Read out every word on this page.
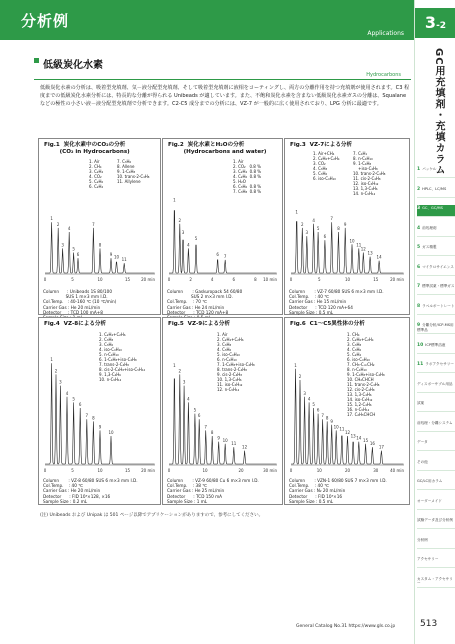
分析例
Applications
3-2
GC用充填剤・充填カラム
1 パッケル
2 HPLC、LC/MS
3 GC、GC/MS
4 前処理剤
5 ガス精製
6 マイクロサイエンス
7 標準試薬・標準ガス
8 ラベルポートレート
9 分離分析/ICP-MS用標準品
10 ICP標準溶液
11 ラボアクセサリー
ディスポーサブル用品
試薬
前処理・分離システム
データ
その他
GC/LC用カラム
オーダーメイド
試験データ及び分析例
分析例
アクセサリー
カスタム・アクセサリー
低級炭化水素
Hydrocarbons
低級炭化水素の分析は、吸着型充填剤、気－液分配型充填剤、そして吸着型充填剤に液相をコーティングし、両方の分離作用を持つ充填剤が使用されます。C3 程度までの低級炭化水素分析には、特長的な分離が得られる Unibeads が適しています。また、不飽和炭化水素を含まない低級炭化水素ガスの分離は、Squalane などの極性の小さい液－液分配型充填剤で分析できます。C2-C5 成分までの分析には、VZ-7 が一般的に広く使用されており、LPG 分析に最適です。
Fig.1  炭化水素中のCO₂の分析
(CO₂ in Hydrocarbons)
1. Air
2. CH₄
3. C₂H₄
4. CO₂
5. C₂H₆
6. C₂H₂
7. C₃H₆
8. Allene
9. 1-C₄H₈
10. trans-2-C₄H₈
11. Allylene
1
2
3
4
5
6
7
8
9 10 11
0	5	10	15	20 min
Column      : Unibeads 1S 80/100
SUS 1 m×3 mm I.D.
Col.Temp.   : 40-160 ℃ (10 ℃/min)
Carrier Gas : He 20 mL/min
Detector     : TCD 100 mA+8

Fig.2  炭化水素とH₂Oの分析
(Hydrocarbons and water)
1. Air
2. CO₂   0.8 %
3. C₂H₄  0.8 %
4. C₂H₆  0.8 %
5. H₂O
6. C₃H₆  0.8 %
7. C₃H₈  0.8 %
1
2
3
4
5
6 7
0	2	4	6	8 10 min
Column       : Gaskuropack 54 60/80
SUS 2 m×3 mm I.D.
Col.Temp.    : 70 ℃
Carrier Gas : He 24 mL/min
Detector      : TCD 120 mA+8

Fig.3  VZ-7による分析
1. Air+CH₄
2. C₂H₆+C₂H₄
3. CO₂
4. C₃H₈
5. C₃H₆
6. iso-C₄H₁₀
7. C₄H₁
8. n-C₄H₁₀
9. 1-C₄H₈
+iso-C₄H₈
10. trans-2-C₄H₈
11. cis-2-C₄H₈
12. iso-C₅H₁₂
13. 1,3-C₄H₆
14. n-C₅H₁₂
1
2
3
4
5
6
7
8
9
10
11
12
13
14
0	5	10	15	20 min
Column       : VZ-7 60/80 SUS 6 m×3 mm I.D.
Col.Temp.    : 40 ℃
Carrier Gas : He 15 mL/min
Detector      : TCD 120 mA+64
Sample Size : 0.5 mL
Fig.4  VZ-8による分析
1. C₂H₄+C₂H₆
2. C₃H₈
3. C₃H₆
4. iso-C₄H₁₀
5. n-C₄H₁₀
6. 1-C₄H₈+iso-C₄H₈
7. trans-2-C₄H₈
8. cis-2-C₄H₈+iso-C₅H₁₂
9. 1,3-C₄H₆
10. n-C₅H₁₂
1
2
3
4
5
6
7 8
9
10
0	5	10	15	20 min
Column       : VZ-8 60/80 SUS 6 m×3 mm I.D.
Col.Temp.    : 40 ℃
Carrier Gas : He 20 mL/min
Detector      : FID 10³×128, ×16
Sample Size : 0.2 mL
Fig.5  VZ-9による分析
1. Air
2. C₂H₄+C₂H₆
3. C₃H₈
4. C₃H₆
5. iso-C₄H₁₀
6. n-C₄H₁₀
7. 1-C₄H₈+iso-C₄H₈
8. trans-2-C₄H₈
9. cis-2-C₄H₈
10. 1,3-C₄H₆
11. iso-C₅H₁₂
12. n-C₅H₁₂
1
2
3
4
5
6
7
8
9 10
11
12
0	10	20	30 min
Column       : VZ-9 60/80 Cu 6 m×3 mm I.D.
Col.Temp.    : 38 ℃
Carrier Gas : He 25 mL/min
Detector      : TCD 150 mA
Sample Size : 1 mL
Fig.6  C1～C5異性体の分析
1. CH₄
2. C₂H₆+C₂H₄
3. C₃H₈
4. C₃H₆
5. C₂H₂
6. iso-C₄H₁₀
7. CH₃-C=CH₂
8. n-C₄H₁₀
9. 1-C₄H₈+iso-C₄H₈
10. CH₂CHCH
11. trans-2-C₄H₈
12. cis-2-C₄H₈
13. 1,3-C₄H₆
14. iso-C₅H₁₂
15. 1,2-C₄H₆
16. n-C₅H₁₂
17. C₂H₅CHCH
1
2
3
4
5
6
7 8
9
10 11
12
13 14 15
16
17
0	10	20	30	40 min
Column       : VZN-1 60/80 SUS 7 m×3 mm I.D.
Col.Temp.    : 40 ℃
Carrier Gas : N₂ 20 mL/min
Detector      : FID 10³×16
Sample Size : 0.5 mL
(注) Unibeads および Unipak は 501 ページ以降でアプリケーションがありますので、参考にしてください。
General Catalog No.31 https://www.gls.co.jp	513
